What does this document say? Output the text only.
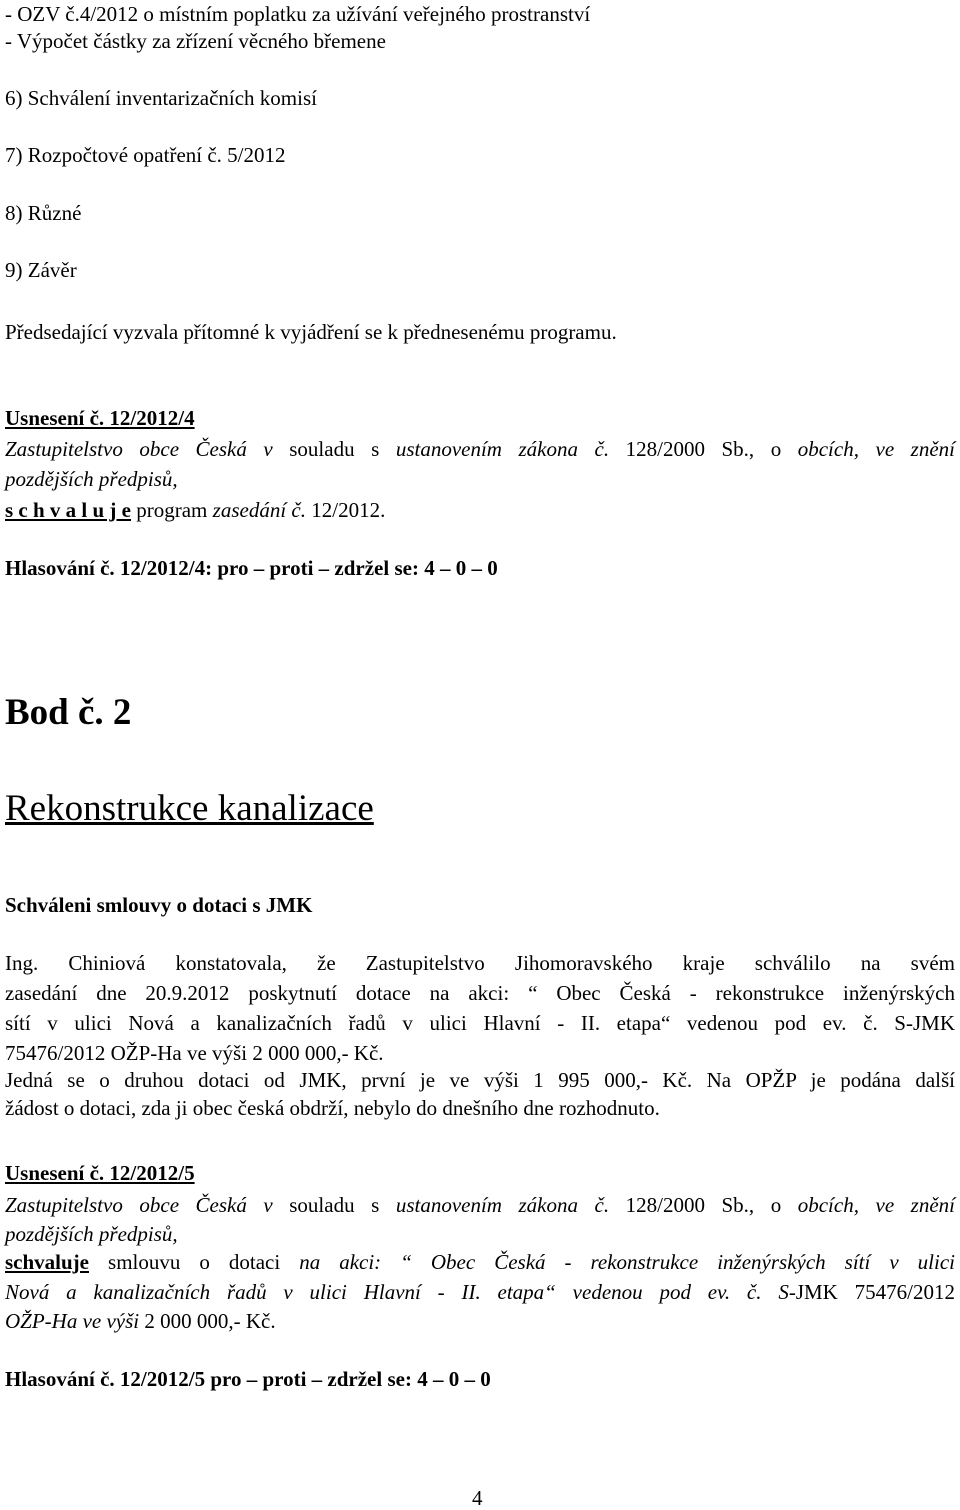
- OZV č.4/2012 o místním poplatku za užívání veřejného prostranství
- Výpočet částky za zřízení věcného břemene
6) Schválení inventarizačních komisí
7) Rozpočtové opatření č. 5/2012
8) Různé
9) Závěr
Předsedající vyzvala přítomné k vyjádření se k přednesenému programu.
Usnesení č. 12/2012/4
Zastupitelstvo obce Česká v souladu s ustanovením zákona č. 128/2000 Sb., o obcích, ve znění
pozdějších předpisů,
s c h v a l u j e program zasedání č. 12/2012.
Hlasování č. 12/2012/4: pro – proti – zdržel se: 4 – 0 – 0
Bod č. 2
Rekonstrukce kanalizace
Schváleni smlouvy o dotaci s JMK
Ing. Chiniová konstatovala, že Zastupitelstvo Jihomoravského kraje schválilo na svém
zasedání dne 20.9.2012 poskytnutí dotace na akci: “ Obec Česká - rekonstrukce inženýrských
sítí v ulici Nová a kanalizačních řadů v ulici Hlavní - II. etapa“ vedenou pod ev. č. S-JMK
75476/2012 OŽP-Ha ve výši 2 000 000,- Kč.
Jedná se o druhou dotaci od JMK, první je ve výši 1 995 000,- Kč. Na OPŽP je podána další
žádost o dotaci, zda ji obec česká obdrží, nebylo do dnešního dne rozhodnuto.
Usnesení č. 12/2012/5
Zastupitelstvo obce Česká v souladu s ustanovením zákona č. 128/2000 Sb., o obcích, ve znění
pozdějších předpisů,
schvaluje smlouvu o dotaci na akci: “ Obec Česká - rekonstrukce inženýrských sítí v ulici
Nová a kanalizačních řadů v ulici Hlavní - II. etapa“ vedenou pod ev. č. S-JMK 75476/2012
OŽP-Ha ve výši 2 000 000,- Kč.
Hlasování č. 12/2012/5 pro – proti – zdržel se: 4 – 0 – 0
4
